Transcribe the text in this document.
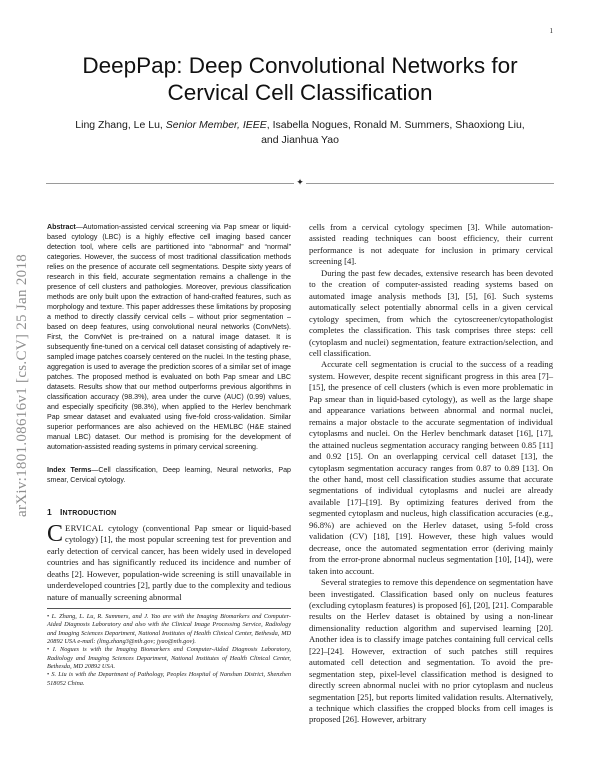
1
arXiv:1801.08616v1 [cs.CV] 25 Jan 2018
DeepPap: Deep Convolutional Networks for
Cervical Cell Classification
Ling Zhang, Le Lu, Senior Member, IEEE, Isabella Nogues, Ronald M. Summers, Shaoxiong Liu,
and Jianhua Yao
✦

Abstract—Automation-assisted cervical screening via Pap smear or liquid-based cytology (LBC) is a highly effective cell imaging based cancer detection tool, where cells are partitioned into “abnormal” and “normal” categories. However, the success of most traditional classification methods relies on the presence of accurate cell segmentations. Despite sixty years of research in this field, accurate segmentation remains a challenge in the presence of cell clusters and pathologies. Moreover, previous classification methods are only built upon the extraction of hand-crafted features, such as morphology and texture. This paper addresses these limitations by proposing a method to directly classify cervical cells – without prior segmentation – based on deep features, using convolutional neural networks (ConvNets). First, the ConvNet is pre-trained on a natural image dataset. It is subsequently fine-tuned on a cervical cell dataset consisting of adaptively re-sampled image patches coarsely centered on the nuclei. In the testing phase, aggregation is used to average the prediction scores of a similar set of image patches. The proposed method is evaluated on both Pap smear and LBC datasets. Results show that our method outperforms previous algorithms in classification accuracy (98.3%), area under the curve (AUC) (0.99) values, and especially specificity (98.3%), when applied to the Herlev benchmark Pap smear dataset and evaluated using five-fold cross-validation. Similar superior performances are also achieved on the HEMLBC (H&E stained manual LBC) dataset. Our method is promising for the development of automation-assisted reading systems in primary cervical screening.

Index Terms—Cell classification, Deep learning, Neural networks, Pap smear, Cervical cytology.

1 INTRODUCTION

CERVICAL cytology (conventional Pap smear or liquid-based cytology) [1], the most popular screening test for prevention and early detection of cervical cancer, has been widely used in developed countries and has significantly reduced its incidence and number of deaths [2]. However, population-wide screening is still unavailable in underdeveloped countries [2], partly due to the complexity and tedious nature of manually screening abnormal

• L. Zhang, L. Lu, R. Summers, and J. Yao are with the Imaging Biomarkers and Computer-Aided Diagnosis Laboratory and also with the Clinical Image Processing Service, Radiology and Imaging Sciences Department, National Institutes of Health Clinical Center, Bethesda, MD 20892 USA e-mail: (ling.zhang3@nih.gov; jyao@nih.gov).
• I. Nogues is with the Imaging Biomarkers and Computer-Aided Diagnosis Laboratory, Radiology and Imaging Sciences Department, National Institutes of Health Clinical Center, Bethesda, MD 20892 USA.
• S. Liu is with the Department of Pathology, Peoples Hospital of Nanshan District, Shenzhen 518052 China.

cells from a cervical cytology specimen [3]. While automation-assisted reading techniques can boost efficiency, their current performance is not adequate for inclusion in primary cervical screening [4].

During the past few decades, extensive research has been devoted to the creation of computer-assisted reading systems based on automated image analysis methods [3], [5], [6]. Such systems automatically select potentially abnormal cells in a given cervical cytology specimen, from which the cytoscreener/cytopathologist completes the classification. This task comprises three steps: cell (cytoplasm and nuclei) segmentation, feature extraction/selection, and cell classification.

Accurate cell segmentation is crucial to the success of a reading system. However, despite recent significant progress in this area [7]–[15], the presence of cell clusters (which is even more problematic in Pap smear than in liquid-based cytology), as well as the large shape and appearance variations between abnormal and normal nuclei, remains a major obstacle to the accurate segmentation of individual cytoplasms and nuclei. On the Herlev benchmark dataset [16], [17], the attained nucleus segmentation accuracy ranging between 0.85 [11] and 0.92 [15]. On an overlapping cervical cell dataset [13], the cytoplasm segmentation accuracy ranges from 0.87 to 0.89 [13]. On the other hand, most cell classification studies assume that accurate segmentations of individual cytoplasms and nuclei are already available [17]–[19]. By optimizing features derived from the segmented cytoplasm and nucleus, high classification accuracies (e.g., 96.8%) are achieved on the Herlev dataset, using 5-fold cross validation (CV) [18], [19]. However, these high values would decrease, once the automated segmentation error (deriving mainly from the error-prone abnormal nucleus segmentation [10], [14]), were taken into account.

Several strategies to remove this dependence on segmentation have been investigated. Classification based only on nucleus features (excluding cytoplasm features) is proposed [6], [20], [21]. Comparable results on the Herlev dataset is obtained by using a non-linear dimensionality reduction algorithm and supervised learning [20]. Another idea is to classify image patches containing full cervical cells [22]–[24]. However, extraction of such patches still requires automated cell detection and segmentation. To avoid the pre-segmentation step, pixel-level classification method is designed to directly screen abnormal nuclei with no prior cytoplasm and nucleus segmentation [25], but reports limited validation results. Alternatively, a technique which classifies the cropped blocks from cell images is proposed [26]. However, arbitrary
